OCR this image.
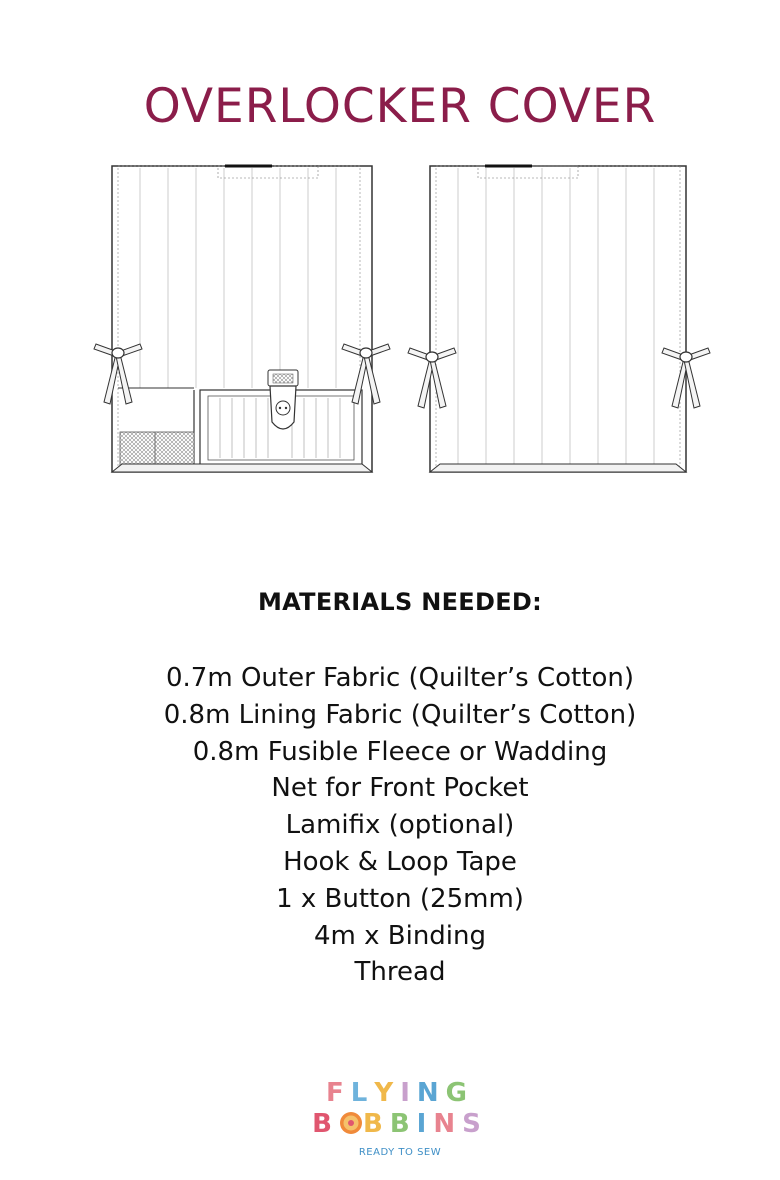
OVERLOCKER COVER
MATERIALS NEEDED:
0.7m Outer Fabric (Quilter’s Cotton)
0.8m Lining Fabric (Quilter’s Cotton)
0.8m Fusible Fleece or Wadding
Net for Front Pocket
Lamifix (optional)
Hook & Loop Tape
1 x Button (25mm)
4m x Binding
Thread
FLYING
B BBINS
READY TO SEW
